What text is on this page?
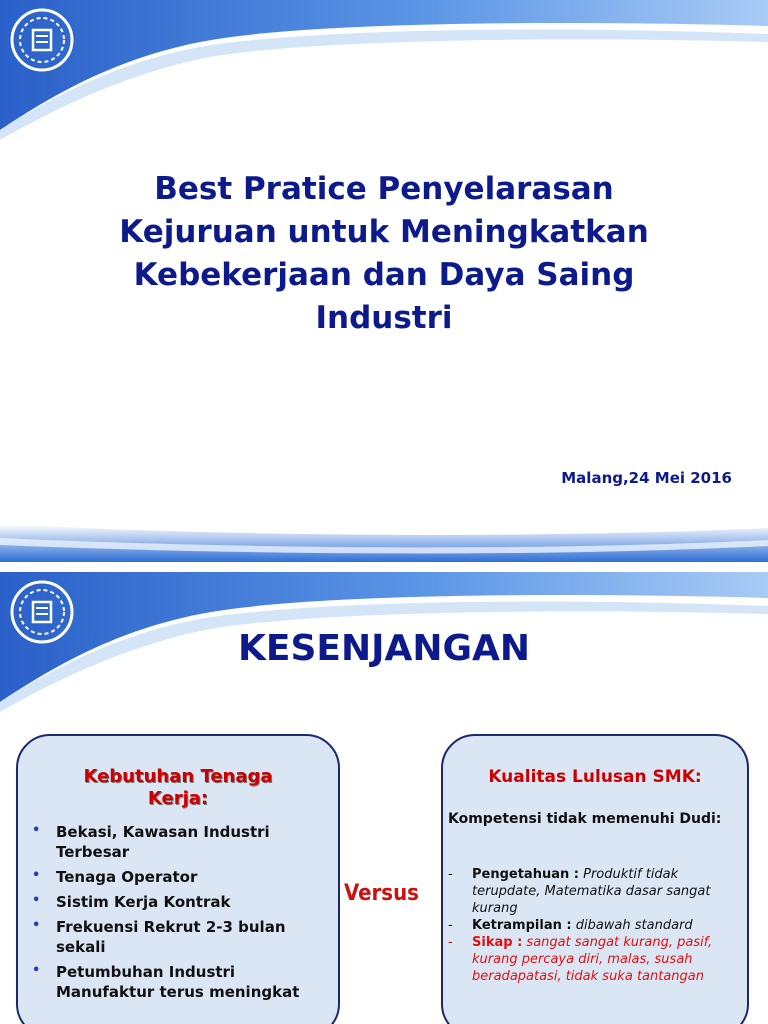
Best Pratice Penyelarasan
Kejuruan untuk Meningkatkan
Kebekerjaan dan Daya Saing
Industri
Malang,24 Mei 2016
KESENJANGAN
Kebutuhan Tenaga
Kerja:
• Bekasi, Kawasan Industri Terbesar
• Tenaga Operator
• Sistim Kerja Kontrak
• Frekuensi Rekrut 2-3 bulan sekali
• Petumbuhan Industri Manufaktur terus meningkat
Versus
Kualitas Lulusan SMK:
Kompetensi tidak memenuhi Dudi:
- Pengetahuan : Produktif tidak terupdate, Matematika dasar sangat kurang
- Ketrampilan : dibawah standard
- Sikap : sangat sangat kurang, pasif, kurang percaya diri, malas, susah beradapatasi, tidak suka tantangan
